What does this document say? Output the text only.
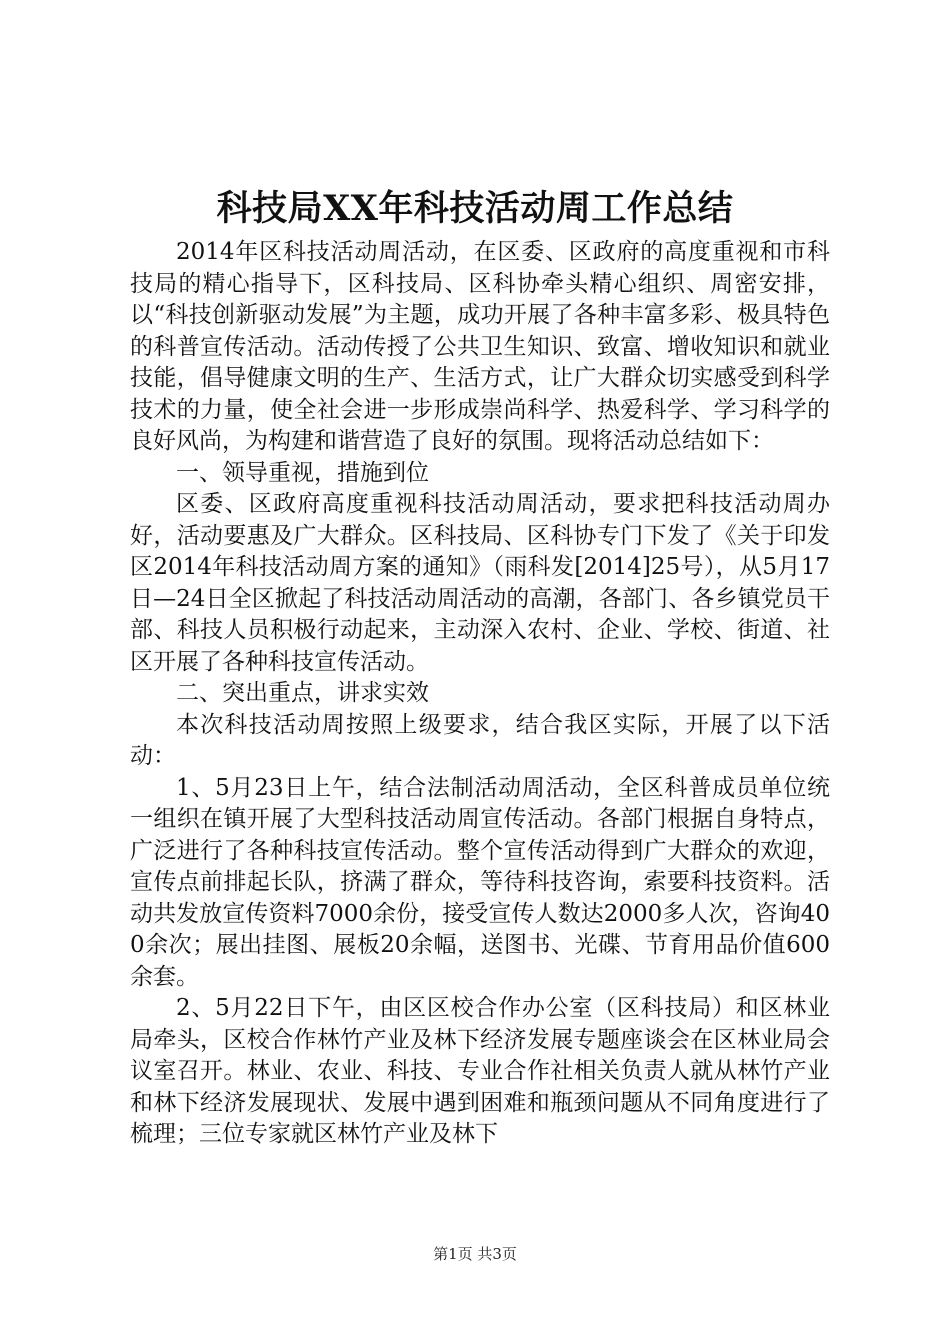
科技局XX年科技活动周工作总结

2014年区科技活动周活动，在区委、区政府的高度重视和市科技局的精心指导下，区科技局、区科协牵头精心组织、周密安排，以“科技创新驱动发展”为主题，成功开展了各种丰富多彩、极具特色的科普宣传活动。活动传授了公共卫生知识、致富、增收知识和就业技能，倡导健康文明的生产、生活方式，让广大群众切实感受到科学技术的力量，使全社会进一步形成崇尚科学、热爱科学、学习科学的良好风尚，为构建和谐营造了良好的氛围。现将活动总结如下：

一、领导重视，措施到位

区委、区政府高度重视科技活动周活动，要求把科技活动周办好，活动要惠及广大群众。区科技局、区科协专门下发了《关于印发区2014年科技活动周方案的通知》（雨科发[2014]25号），从5月17日—24日全区掀起了科技活动周活动的高潮，各部门、各乡镇党员干部、科技人员积极行动起来，主动深入农村、企业、学校、街道、社区开展了各种科技宣传活动。

二、突出重点，讲求实效

本次科技活动周按照上级要求，结合我区实际，开展了以下活动：

1、5月23日上午，结合法制活动周活动，全区科普成员单位统一组织在镇开展了大型科技活动周宣传活动。各部门根据自身特点，广泛进行了各种科技宣传活动。整个宣传活动得到广大群众的欢迎，宣传点前排起长队，挤满了群众，等待科技咨询，索要科技资料。活动共发放宣传资料7000余份，接受宣传人数达2000多人次，咨询400余次；展出挂图、展板20余幅，送图书、光碟、节育用品价值600余套。

2、5月22日下午，由区区校合作办公室（区科技局）和区林业局牵头，区校合作林竹产业及林下经济发展专题座谈会在区林业局会议室召开。林业、农业、科技、专业合作社相关负责人就从林竹产业和林下经济发展现状、发展中遇到困难和瓶颈问题从不同角度进行了梳理；三位专家就区林竹产业及林下

第1页 共3页
